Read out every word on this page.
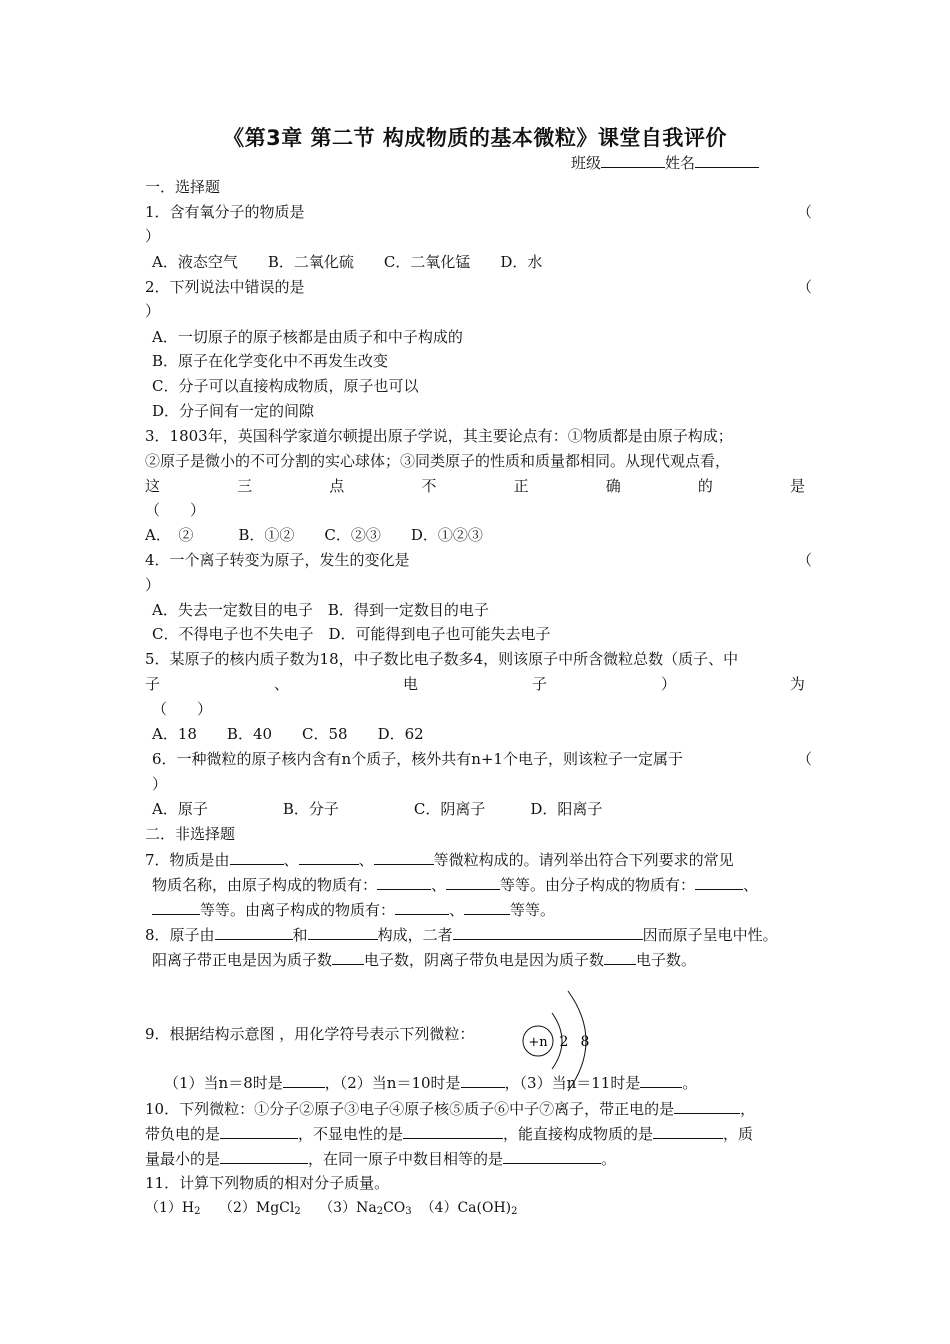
《第3章 第二节 构成物质的基本微粒》课堂自我评价
班级	姓名
一．选择题
1．含有氧分子的物质是	（
）
A．液态空气　　B．二氧化硫　　C．二氧化锰　　D．水
2．下列说法中错误的是	（
）
A．一切原子的原子核都是由质子和中子构成的
B．原子在化学变化中不再发生改变
C．分子可以直接构成物质，原子也可以
D．分子间有一定的间隙
3．1803年，英国科学家道尔顿提出原子学说，其主要论点有：①物质都是由原子构成；
②原子是微小的不可分割的实心球体；③同类原子的性质和质量都相同。从现代观点看，
这	三	点	不	正	确	的	是
（　　）
A．　②　　　B．①②　　C．②③　　D．①②③
4．一个离子转变为原子，发生的变化是	（
）
A．失去一定数目的电子　B．得到一定数目的电子
C．不得电子也不失电子　D．可能得到电子也可能失去电子
5．某原子的核内质子数为18，中子数比电子数多4，则该原子中所含微粒总数（质子、中
子	、	电	子	）	为
（　　）
A．18　　B．40　　C．58　　D．62
6．一种微粒的原子核内含有n个质子，核外共有n+1个电子，则该粒子一定属于	（
）
A．原子　　　　　B．分子　　　　　C．阴离子　　　D．阳离子
二．非选择题
7．物质是由	、	、	等微粒构成的。请列举出符合下列要求的常见
物质名称，由原子构成的物质有：	、	等等。由分子构成的物质有：	、
等等。由离子构成的物质有：	、	等等。
8．原子由	和	构成，二者	因而原子呈电中性。
阳离子带正电是因为质子数 电子数，阴离子带负电是因为质子数 电子数。
9．根据结构示意图 ，用化学符号表示下列微粒：	+n 2 8
（1）当n＝8时是	，（2）当n＝10时是	，（3）当n＝11时是	。
10．下列微粒：①分子②原子③电子④原子核⑤质子⑥中子⑦离子，带正电的是	，
带负电的是	，不显电性的是	，能直接构成物质的是	，质
量最小的是	，在同一原子中数目相等的是	。
11．计算下列物质的相对分子质量。
$(1)H_2$　 （2）MgCl$_2$　 $(3)Na_2CO_3$ $(4)Ca(OH)_2$
